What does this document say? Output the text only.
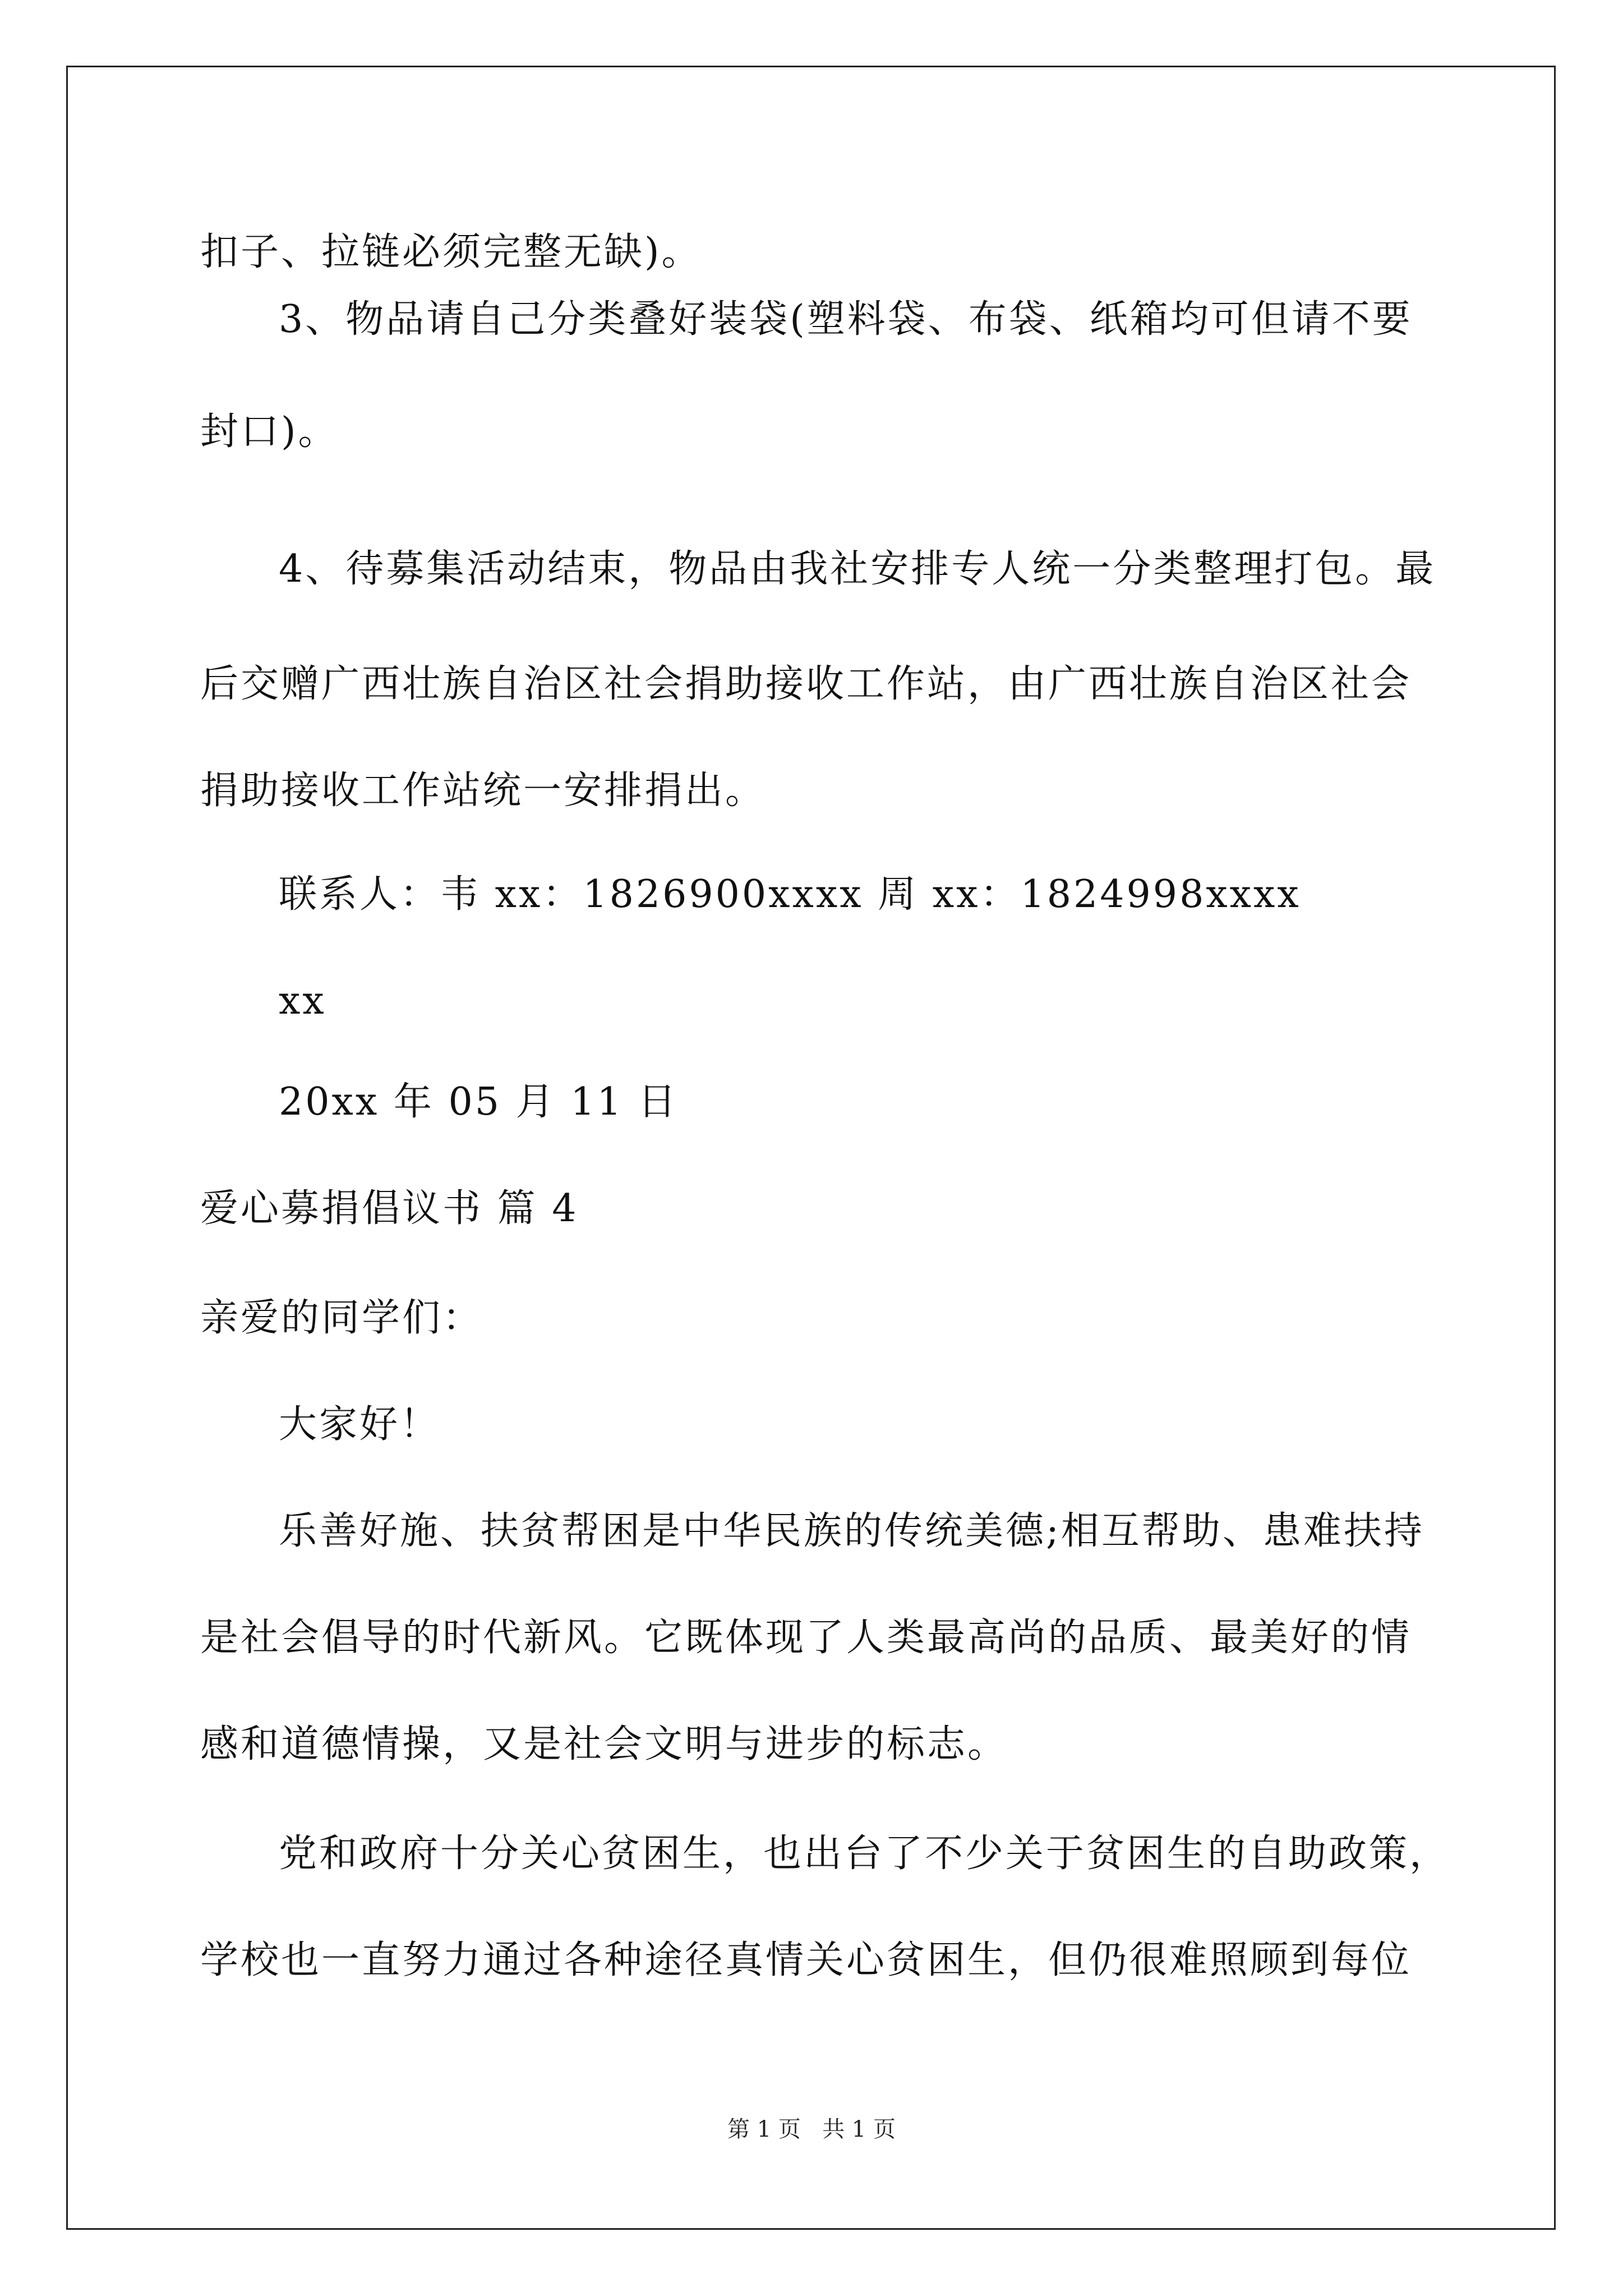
扣子、拉链必须完整无缺)。
3、物品请自己分类叠好装袋(塑料袋、布袋、纸箱均可但请不要
封口)。
4、待募集活动结束，物品由我社安排专人统一分类整理打包。最
后交赠广西壮族自治区社会捐助接收工作站，由广西壮族自治区社会
捐助接收工作站统一安排捐出。
联系人：韦 xx：1826900xxxx 周 xx：1824998xxxx
xx
20xx 年 05 月 11 日
爱心募捐倡议书 篇 4
亲爱的同学们：
大家好！
乐善好施、扶贫帮困是中华民族的传统美德;相互帮助、患难扶持
是社会倡导的时代新风。它既体现了人类最高尚的品质、最美好的情
感和道德情操，又是社会文明与进步的标志。
党和政府十分关心贫困生，也出台了不少关于贫困生的自助政策，
学校也一直努力通过各种途径真情关心贫困生，但仍很难照顾到每位
第 1 页   共 1 页
